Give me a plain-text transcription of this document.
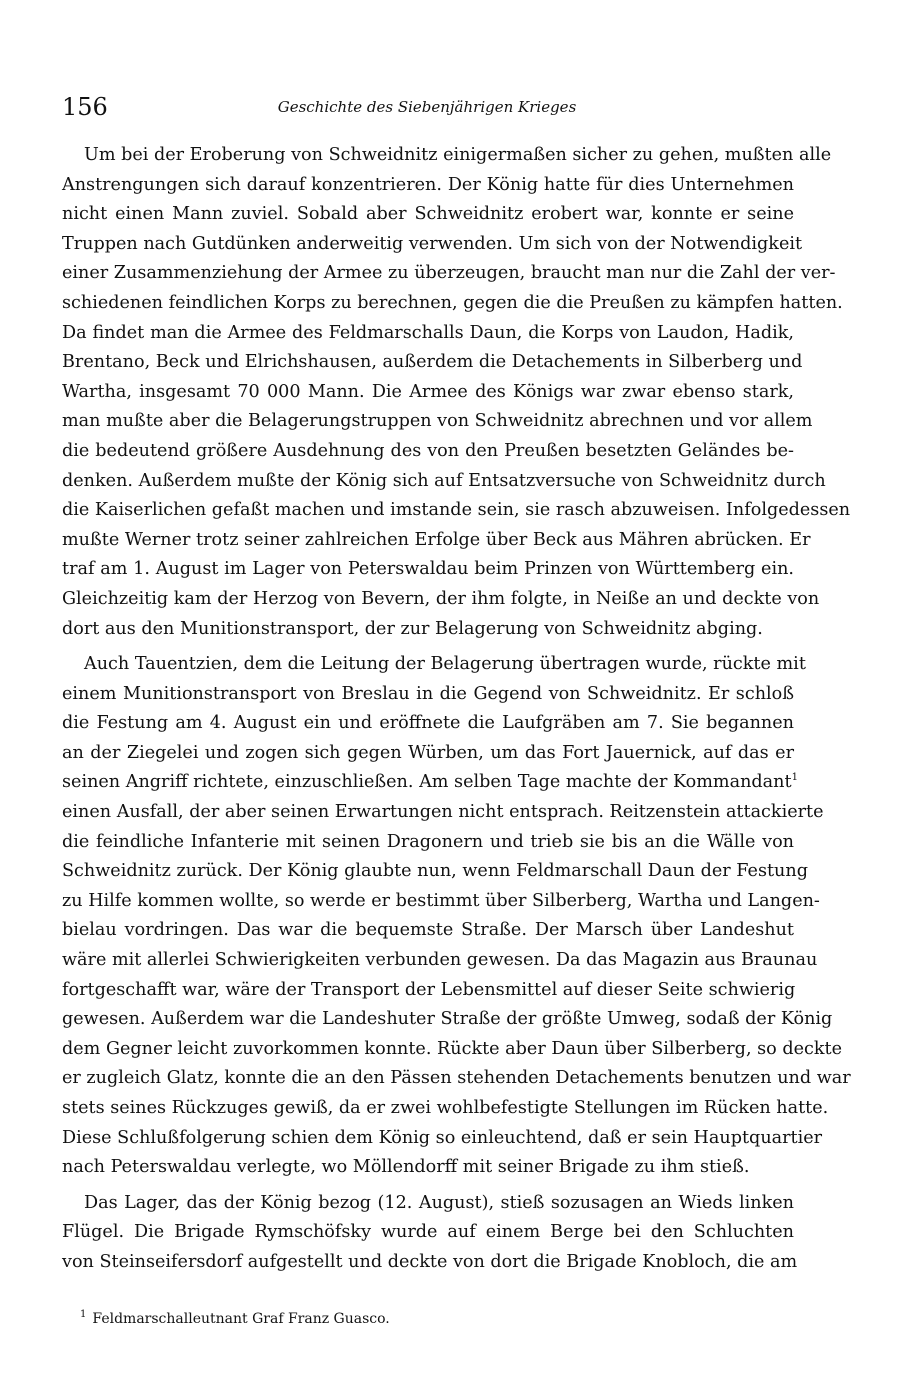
156	Geschichte des Siebenjährigen Krieges
Um bei der Eroberung von Schweidnitz einigermaßen sicher zu gehen, mußten alle
Anstrengungen sich darauf konzentrieren. Der König hatte für dies Unternehmen
nicht einen Mann zuviel. Sobald aber Schweidnitz erobert war, konnte er seine
Truppen nach Gutdünken anderweitig verwenden. Um sich von der Notwendigkeit
einer Zusammenziehung der Armee zu überzeugen, braucht man nur die Zahl der ver-
schiedenen feindlichen Korps zu berechnen, gegen die die Preußen zu kämpfen hatten.
Da findet man die Armee des Feldmarschalls Daun, die Korps von Laudon, Hadik,
Brentano, Beck und Elrichshausen, außerdem die Detachements in Silberberg und
Wartha, insgesamt 70 000 Mann. Die Armee des Königs war zwar ebenso stark,
man mußte aber die Belagerungstruppen von Schweidnitz abrechnen und vor allem
die bedeutend größere Ausdehnung des von den Preußen besetzten Geländes be-
denken. Außerdem mußte der König sich auf Entsatzversuche von Schweidnitz durch
die Kaiserlichen gefaßt machen und imstande sein, sie rasch abzuweisen. Infolgedessen
mußte Werner trotz seiner zahlreichen Erfolge über Beck aus Mähren abrücken. Er
traf am 1. August im Lager von Peterswaldau beim Prinzen von Württemberg ein.
Gleichzeitig kam der Herzog von Bevern, der ihm folgte, in Neiße an und deckte von
dort aus den Munitionstransport, der zur Belagerung von Schweidnitz abging.
Auch Tauentzien, dem die Leitung der Belagerung übertragen wurde, rückte mit
einem Munitionstransport von Breslau in die Gegend von Schweidnitz. Er schloß
die Festung am 4. August ein und eröffnete die Laufgräben am 7. Sie begannen
an der Ziegelei und zogen sich gegen Würben, um das Fort Jauernick, auf das er
seinen Angriff richtete, einzuschließen. Am selben Tage machte der Kommandant$^1$
einen Ausfall, der aber seinen Erwartungen nicht entsprach. Reitzenstein attackierte
die feindliche Infanterie mit seinen Dragonern und trieb sie bis an die Wälle von
Schweidnitz zurück. Der König glaubte nun, wenn Feldmarschall Daun der Festung
zu Hilfe kommen wollte, so werde er bestimmt über Silberberg, Wartha und Langen-
bielau vordringen. Das war die bequemste Straße. Der Marsch über Landeshut
wäre mit allerlei Schwierigkeiten verbunden gewesen. Da das Magazin aus Braunau
fortgeschafft war, wäre der Transport der Lebensmittel auf dieser Seite schwierig
gewesen. Außerdem war die Landeshuter Straße der größte Umweg, sodaß der König
dem Gegner leicht zuvorkommen konnte. Rückte aber Daun über Silberberg, so deckte
er zugleich Glatz, konnte die an den Pässen stehenden Detachements benutzen und war
stets seines Rückzuges gewiß, da er zwei wohlbefestigte Stellungen im Rücken hatte.
Diese Schlußfolgerung schien dem König so einleuchtend, daß er sein Hauptquartier
nach Peterswaldau verlegte, wo Möllendorff mit seiner Brigade zu ihm stieß.
Das Lager, das der König bezog (12. August), stieß sozusagen an Wieds linken
Flügel. Die Brigade Rymschöfsky wurde auf einem Berge bei den Schluchten
von Steinseifersdorf aufgestellt und deckte von dort die Brigade Knobloch, die am
$^1$ Feldmarschalleutnant Graf Franz Guasco.
